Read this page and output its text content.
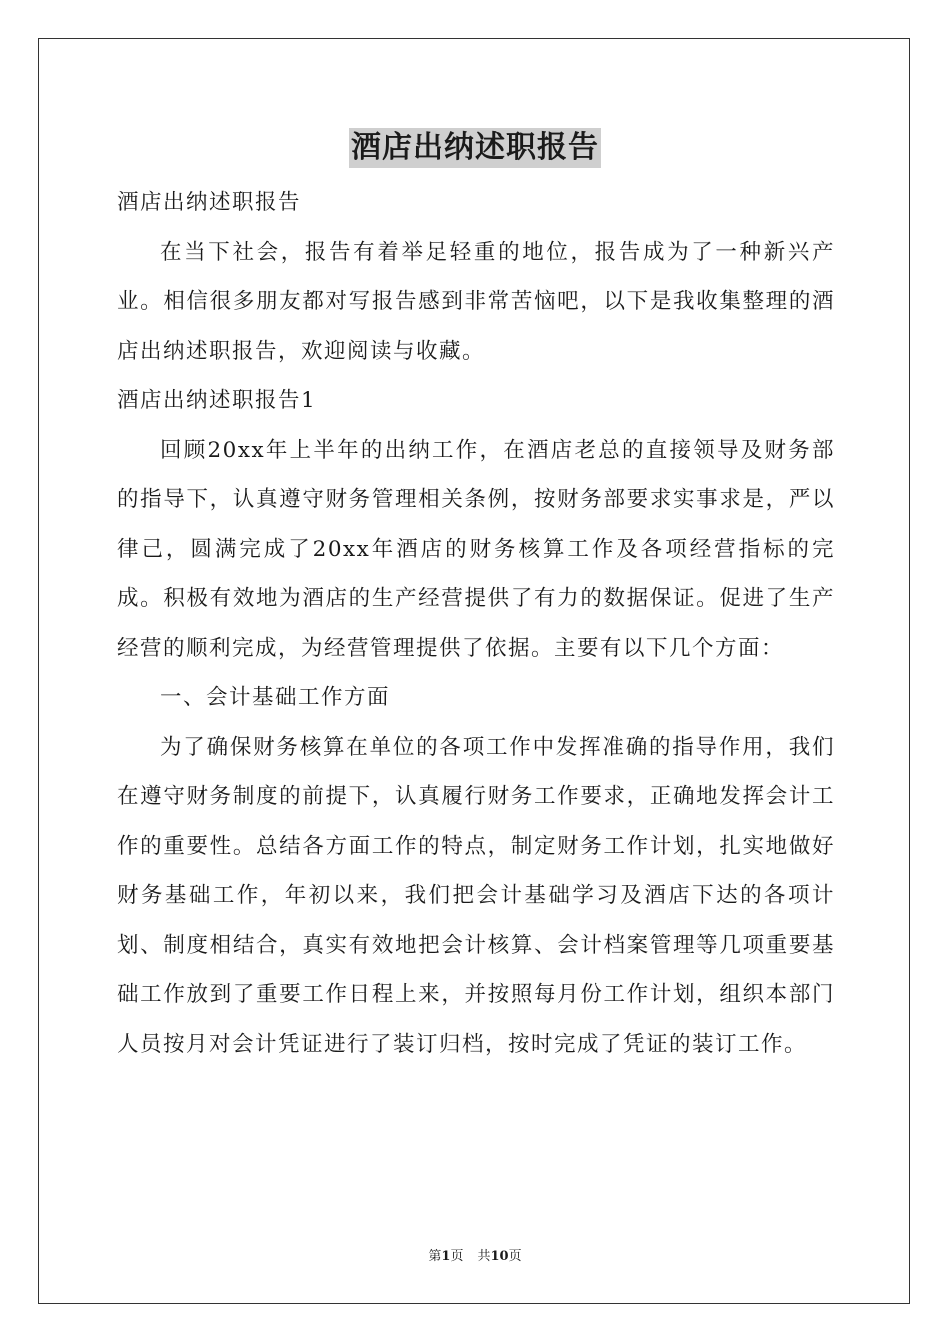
酒店出纳述职报告

酒店出纳述职报告

在当下社会，报告有着举足轻重的地位，报告成为了一种新兴产业。相信很多朋友都对写报告感到非常苦恼吧，以下是我收集整理的酒店出纳述职报告，欢迎阅读与收藏。

酒店出纳述职报告1

回顾20xx年上半年的出纳工作，在酒店老总的直接领导及财务部的指导下，认真遵守财务管理相关条例，按财务部要求实事求是，严以律己，圆满完成了20xx年酒店的财务核算工作及各项经营指标的完成。积极有效地为酒店的生产经营提供了有力的数据保证。促进了生产经营的顺利完成，为经营管理提供了依据。主要有以下几个方面：

一、会计基础工作方面

为了确保财务核算在单位的各项工作中发挥准确的指导作用，我们在遵守财务制度的前提下，认真履行财务工作要求，正确地发挥会计工作的重要性。总结各方面工作的特点，制定财务工作计划，扎实地做好财务基础工作，年初以来，我们把会计基础学习及酒店下达的各项计划、制度相结合，真实有效地把会计核算、会计档案管理等几项重要基础工作放到了重要工作日程上来，并按照每月份工作计划，组织本部门人员按月对会计凭证进行了装订归档，按时完成了凭证的装订工作。

第1页 共10页
